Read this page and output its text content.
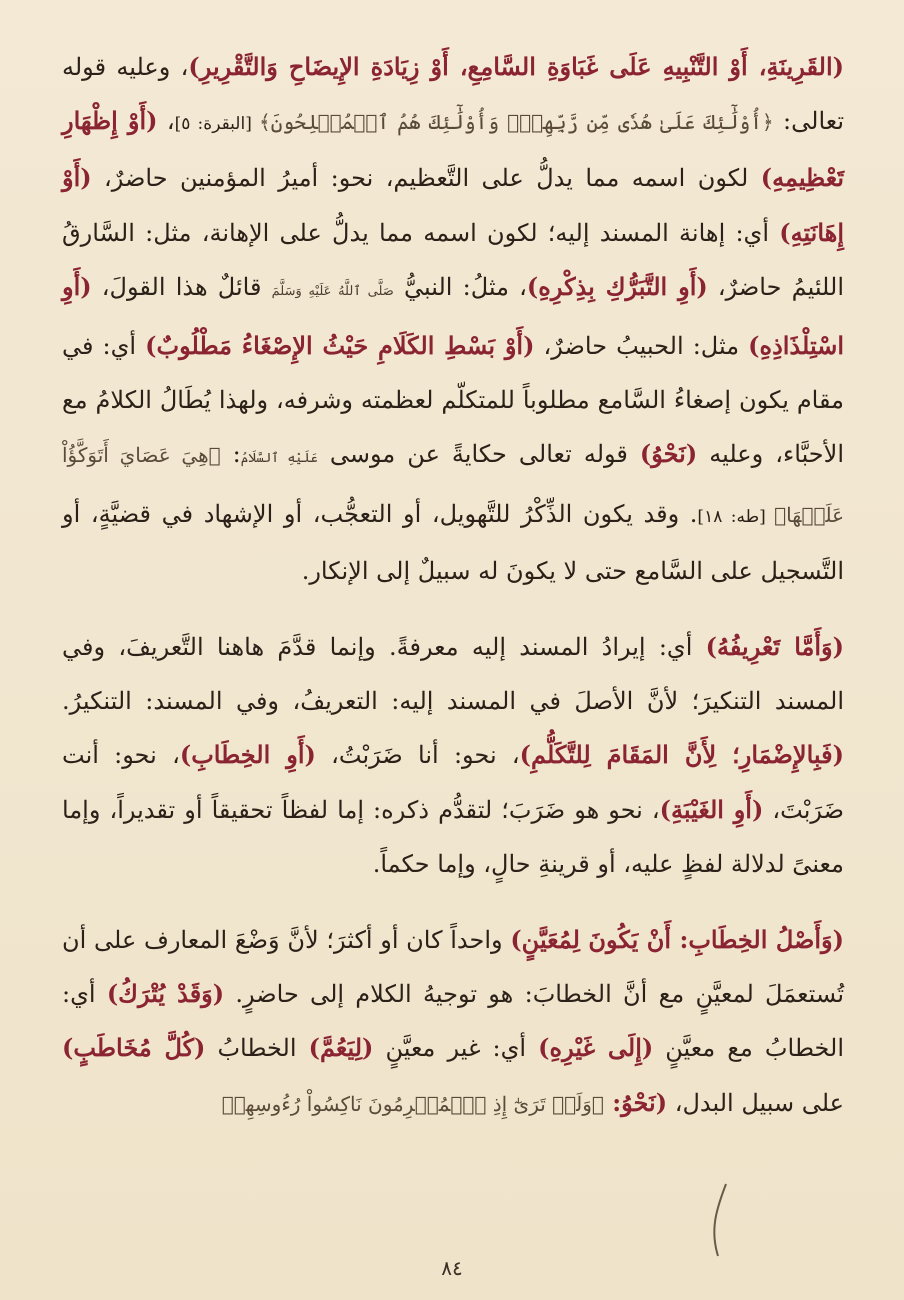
(القَرِينَةِ، أَوْ التَّنْبِيهِ عَلَى غَبَاوَةِ السَّامِعِ، أَوْ زِيَادَةِ الإِيضَاحِ وَالتَّقْرِيرِ)، وعليه قوله تعالى: ﴿أُوْلَٰٓئِكَ عَلَىٰ هُدٗى مِّن رَّبِّهِمۡۖ وَأُوْلَٰٓئِكَ هُمُ ٱلۡمُفۡلِحُونَ﴾ [البقرة: ٥]، (أَوْ إِظْهَارِ تَعْظِيمِهِ) لكون اسمه مما يدلُّ على التَّعظيم، نحو: أميرُ المؤمنين حاضرٌ، (أَوْ إِهَانَتِهِ) أي: إهانة المسند إليه؛ لكون اسمه مما يدلُّ على الإهانة، مثل: السَّارقُ اللئيمُ حاضرٌ، (أَوِ التَّبَرُّكِ بِذِكْرِهِ)، مثلُ: النبيُّ صَلَّى ٱللَّهُ عَلَيْهِ وَسَلَّمَ قائلٌ هذا القولَ، (أَوِ اسْتِلْذَاذِهِ) مثل: الحبيبُ حاضرٌ، (أَوْ بَسْطِ الكَلَامِ حَيْثُ الإِصْغَاءُ مَطْلُوبٌ) أي: في مقام يكون إصغاءُ السَّامع مطلوباً للمتكلّم لعظمته وشرفه، ولهذا يُطَالُ الكلامُ مع الأحبَّاء، وعليه (نَحْوُ) قوله تعالى حكايةً عن موسى عَلَيْهِ ٱلسَّلَامُ: ﴿هِيَ عَصَايَ أَتَوَكَّؤُاْ عَلَيۡهَا﴾ [طه: ١٨]. وقد يكون الذِّكْرُ للتَّهويل، أو التعجُّب، أو الإشهاد في قضيَّةٍ، أو التَّسجيل على السَّامع حتى لا يكونَ له سبيلٌ إلى الإنكار.

(وَأَمَّا تَعْرِيفُهُ) أي: إيرادُ المسند إليه معرفةً. وإنما قدَّمَ هاهنا التَّعريفَ، وفي المسند التنكيرَ؛ لأنَّ الأصلَ في المسند إليه: التعريفُ، وفي المسند: التنكيرُ. (فَبِالإِضْمَارِ؛ لِأَنَّ المَقَامَ لِلتَّكَلُّمِ)، نحو: أنا ضَرَبْتُ، (أَوِ الخِطَابِ)، نحو: أنت ضَرَبْتَ، (أَوِ الغَيْبَةِ)، نحو هو ضَرَبَ؛ لتقدُّم ذكره: إما لفظاً تحقيقاً أو تقديراً، وإما معنىً لدلالة لفظٍ عليه، أو قرينةِ حالٍ، وإما حكماً.

(وَأَصْلُ الخِطَابِ: أَنْ يَكُونَ لِمُعَيَّنٍ) واحداً كان أو أكثرَ؛ لأنَّ وَضْعَ المعارف على أن تُستعمَلَ لمعيَّنٍ مع أنَّ الخطابَ: هو توجيهُ الكلام إلى حاضرٍ. (وَقَدْ يُتْرَكُ) أي: الخطابُ مع معيَّنٍ (إِلَى غَيْرِهِ) أي: غير معيَّنٍ (لِيَعُمَّ) الخطابُ (كُلَّ مُخَاطَبٍ) على سبيل البدل، (نَحْوُ: ﴿وَلَوۡ تَرَىٰٓ إِذِ ٱلۡمُجۡرِمُونَ نَاكِسُواْ رُءُوسِهِمۡ

٨٤
